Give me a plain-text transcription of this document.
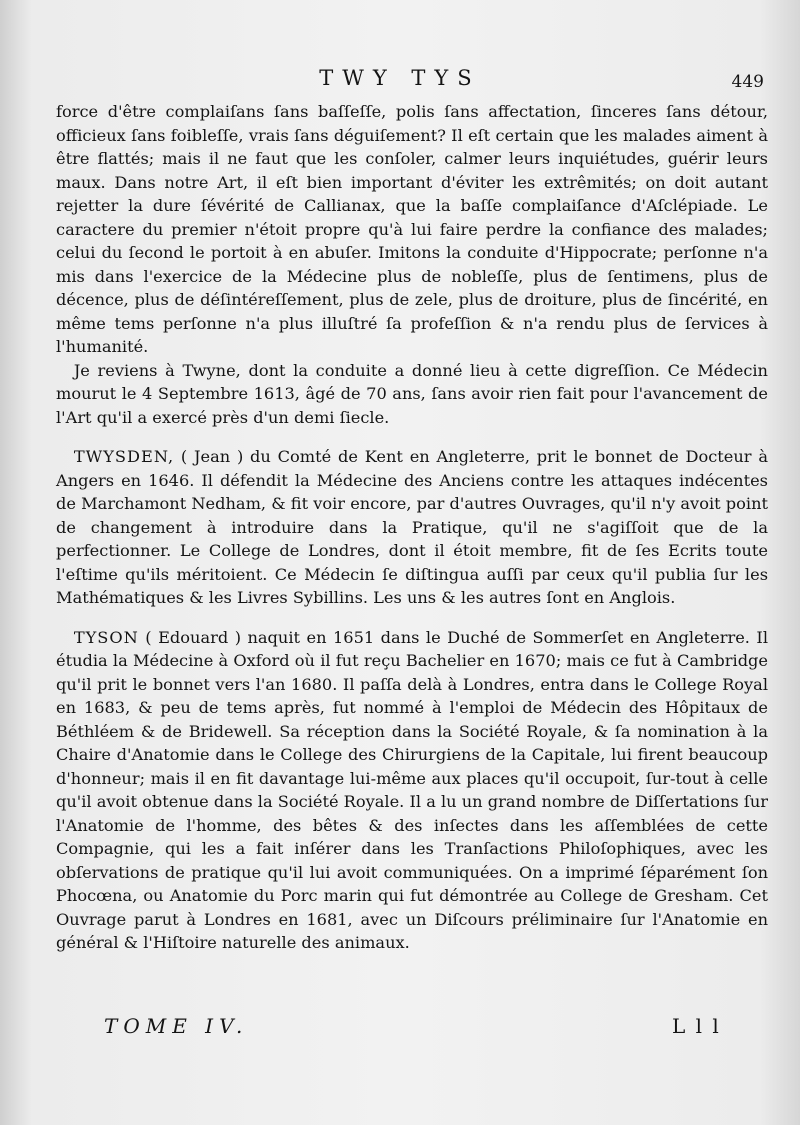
TWY TYS	449

force d'être complaiſans ſans baſſeſſe, polis ſans affectation, ſinceres ſans détour, officieux ſans foibleſſe, vrais ſans déguiſement? Il eſt certain que les malades aiment à être flattés; mais il ne faut que les conſoler, calmer leurs inquiétudes, guérir leurs maux. Dans notre Art, il eſt bien important d'éviter les extrêmités; on doit autant rejetter la dure ſévérité de Callianax, que la baſſe complaiſance d'Aſclépiade. Le caractere du premier n'étoit propre qu'à lui faire perdre la confiance des malades; celui du ſecond le portoit à en abuſer. Imitons la conduite d'Hippocrate; perſonne n'a mis dans l'exercice de la Médecine plus de nobleſſe, plus de ſentimens, plus de décence, plus de déſintéreſſement, plus de zele, plus de droiture, plus de ſincérité, en même tems perſonne n'a plus illuſtré ſa profeſſion & n'a rendu plus de ſervices à l'humanité.

Je reviens à Twyne, dont la conduite a donné lieu à cette digreſſion. Ce Médecin mourut le 4 Septembre 1613, âgé de 70 ans, ſans avoir rien fait pour l'avancement de l'Art qu'il a exercé près d'un demi ſiecle.

TWYSDEN, ( Jean ) du Comté de Kent en Angleterre, prit le bonnet de Docteur à Angers en 1646. Il défendit la Médecine des Anciens contre les attaques indécentes de Marchamont Nedham, & fit voir encore, par d'autres Ouvrages, qu'il n'y avoit point de changement à introduire dans la Pratique, qu'il ne s'agiſſoit que de la perfectionner. Le College de Londres, dont il étoit membre, fit de ſes Ecrits toute l'eſtime qu'ils méritoient. Ce Médecin ſe diſtingua auſſi par ceux qu'il publia ſur les Mathématiques & les Livres Sybillins. Les uns & les autres ſont en Anglois.

TYSON ( Edouard ) naquit en 1651 dans le Duché de Sommerſet en Angleterre. Il étudia la Médecine à Oxford où il fut reçu Bachelier en 1670; mais ce fut à Cambridge qu'il prit le bonnet vers l'an 1680. Il paſſa delà à Londres, entra dans le College Royal en 1683, & peu de tems après, fut nommé à l'emploi de Médecin des Hôpitaux de Béthléem & de Bridewell. Sa réception dans la Société Royale, & ſa nomination à la Chaire d'Anatomie dans le College des Chirurgiens de la Capitale, lui firent beaucoup d'honneur; mais il en fit davantage lui-même aux places qu'il occupoit, ſur-tout à celle qu'il avoit obtenue dans la Société Royale. Il a lu un grand nombre de Diſſertations ſur l'Anatomie de l'homme, des bêtes & des inſectes dans les aſſemblées de cette Compagnie, qui les a fait inſérer dans les Tranſactions Philoſophiques, avec les obſervations de pratique qu'il lui avoit communiquées. On a imprimé ſéparément ſon Phocœna, ou Anatomie du Porc marin qui fut démontrée au College de Gresham. Cet Ouvrage parut à Londres en 1681, avec un Diſcours préliminaire ſur l'Anatomie en général & l'Hiſtoire naturelle des animaux.

TOME IV.	L l l
